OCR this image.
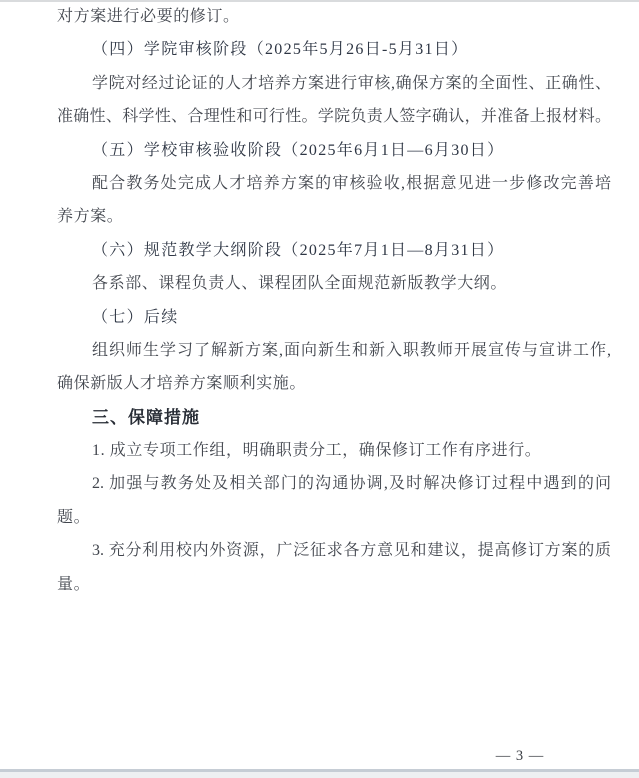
对方案进行必要的修订。
（四）学院审核阶段（2025年5月26日-5月31日）
学院对经过论证的人才培养方案进行审核,确保方案的全面性、正确性、
准确性、科学性、合理性和可行性。学院负责人签字确认，并准备上报材料。
（五）学校审核验收阶段（2025年6月1日—6月30日）
配合教务处完成人才培养方案的审核验收,根据意见进一步修改完善培
养方案。
（六）规范教学大纲阶段（2025年7月1日—8月31日）
各系部、课程负责人、课程团队全面规范新版教学大纲。
（七）后续
组织师生学习了解新方案,面向新生和新入职教师开展宣传与宣讲工作,
确保新版人才培养方案顺利实施。
三、保障措施
1. 成立专项工作组，明确职责分工，确保修订工作有序进行。
2. 加强与教务处及相关部门的沟通协调,及时解决修订过程中遇到的问
题。
3. 充分利用校内外资源，广泛征求各方意见和建议，提高修订方案的质
量。
— 3 —
